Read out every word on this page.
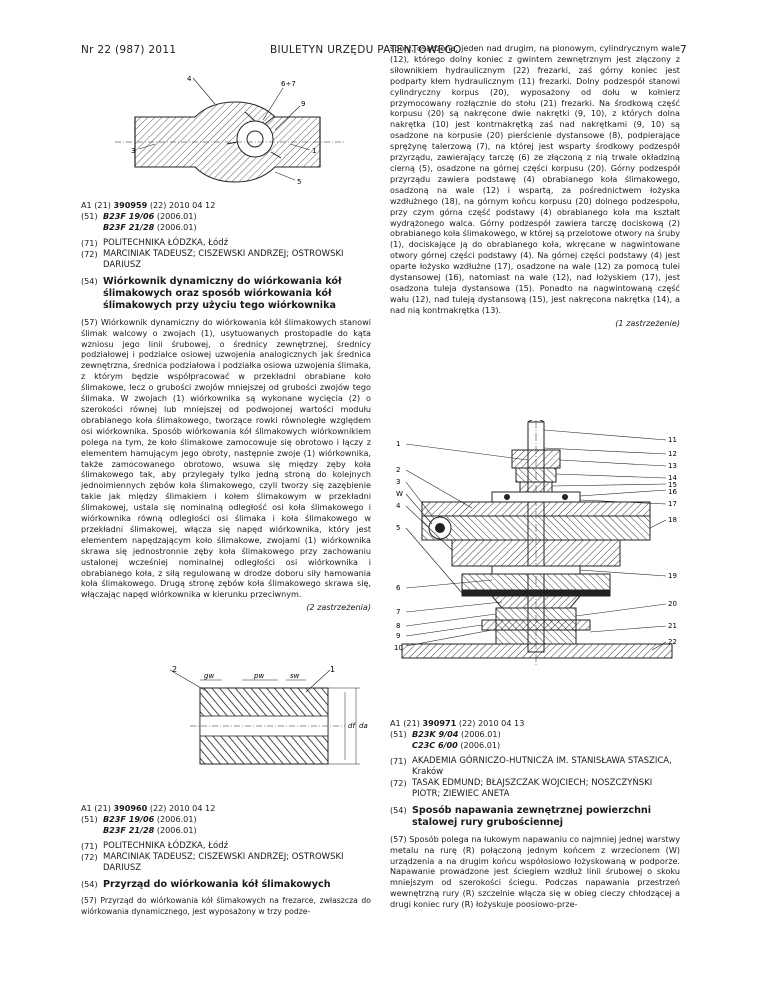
Nr 22 (987) 2011	BIULETYN URZĘDU PATENTOWEGO	7
4
6÷7
9
3	1
5
A1 (21) 390959 (22) 2010 04 12
(51) B23F 19/06 (2006.01)
B23F 21/28 (2006.01)
(71) POLITECHNIKA ŁÓDZKA, Łódź
(72) MARCINIAK TADEUSZ; CISZEWSKI ANDRZEJ; OSTROWSKI DARIUSZ
(54) Wiórkownik dynamiczny do wiórkowania kół ślimakowych oraz sposób wiórkowania kół ślimakowych przy użyciu tego wiórkownika

(57) Wiórkownik dynamiczny do wiórkowania kół ślimakowych stanowi ślimak walcowy o zwojach (1), usytuowanych prostopadle do kąta wzniosu jego linii śrubowej, o średnicy zewnętrznej, średnicy podziałowej i podziałce osiowej uzwojenia analogicznych jak średnica zewnętrzna, średnica podziałowa i podziałka osiowa uzwojenia ślimaka, z którym będzie współpracować w przekładni obrabiane koło ślimakowe, lecz o grubości zwojów mniejszej od grubości zwojów tego ślimaka. W zwojach (1) wiórkownika są wykonane wycięcia (2) o szerokości równej lub mniejszej od podwojonej wartości modułu obrabianego koła ślimakowego, tworzące rowki równoległe względem osi wiórkownika. Sposób wiórkowania kół ślimakowych wiórkownikiem polega na tym, że koło ślimakowe zamocowuje się obrotowo i łączy z elementem hamującym jego obroty, następnie zwoje (1) wiórkownika, także zamocowanego obrotowo, wsuwa się między zęby koła ślimakowego tak, aby przylegały tylko jedną stroną do kolejnych jednoimiennych zębów koła ślimakowego, czyli tworzy się zazębienie takie jak między ślimakiem i kołem ślimakowym w przekładni ślimakowej, ustala się nominalną odległość osi koła ślimakowego i wiórkownika równą odległości osi ślimaka i koła ślimakowego w przekładni ślimakowej, włącza się napęd wiórkownika, który jest elementem napędzającym koło ślimakowe, zwojami (1) wiórkownika skrawa się jednostronnie zęby koła ślimakowego przy zachowaniu ustalonej wcześniej nominalnej odległości osi wiórkownika i obrabianego koła, z siłą regulowaną w drodze doboru siły hamowania koła ślimakowego. Drugą stronę zębów koła ślimakowego skrawa się, włączając napęd wiórkownika w kierunku przeciwnym.

(2 zastrzeżenia)

2	1
gw	pw	sw
df da
A1 (21) 390960 (22) 2010 04 12
(51) B23F 19/06 (2006.01)
B23F 21/28 (2006.01)
(71) POLITECHNIKA ŁÓDZKA, Łódź
(72) MARCINIAK TADEUSZ; CISZEWSKI ANDRZEJ; OSTROWSKI DARIUSZ
(54) Przyrząd do wiórkowania kół ślimakowych

(57) Przyrząd do wiórkowania kół ślimakowych na frezarce, zwłaszcza do wiórkowania dynamicznego, jest wyposażony w trzy podze-

społy, osadzone, jeden nad drugim, na pionowym, cylindrycznym wale (12), którego dolny koniec z gwintem zewnętrznym jest złączony z siłownikiem hydraulicznym (22) frezarki, zaś górny koniec jest podparty kłem hydraulicznym (11) frezarki. Dolny podzespół stanowi cylindryczny korpus (20), wyposażony od dołu w kołnierz przymocowany rozłącznie do stołu (21) frezarki. Na środkową część korpusu (20) są nakręcone dwie nakrętki (9, 10), z których dolna nakrętka (10) jest kontrnakrętką zaś nad nakrętkami (9, 10) są osadzone na korpusie (20) pierścienie dystansowe (8), podpierające sprężynę talerzową (7), na której jest wsparty środkowy podzespół przyrządu, zawierający tarczę (6) ze złączoną z nią trwale okładziną cierną (5), osadzone na górnej części korpusu (20). Górny podzespół przyrządu zawiera podstawę (4) obrabianego koła ślimakowego, osadzoną na wale (12) i wspartą, za pośrednictwem łożyska wzdłużnego (18), na górnym końcu korpusu (20) dolnego podzespołu, przy czym górna część podstawy (4) obrabianego koła ma kształt wydrążonego walca. Górny podzespół zawiera tarczę dociskową (2) obrabianego koła ślimakowego, w której są przelotowe otwory na śruby (1), dociskające ją do obrabianego koła, wkręcane w nagwintowane otwory górnej części podstawy (4). Na górnej części podstawy (4) jest oparte łożysko wzdłużne (17), osadzone na wale (12) za pomocą tulei dystansowej (16), natomiast na wale (12), nad łożyskiem (17), jest osadzona tuleja dystansowa (15). Ponadto na nagwintowaną część wału (12), nad tuleją dystansową (15), jest nakręcona nakrętka (14), a nad nią kontrnakrętka (13).

(1 zastrzeżenie)

1
2
3
W
4
5
6
7
8
9
10
11
12
13
14
15
16
17
18
19
20
21
22
A1 (21) 390971 (22) 2010 04 13
(51) B23K 9/04 (2006.01)
C23C 6/00 (2006.01)
(71) AKADEMIA GÓRNICZO-HUTNICZA IM. STANISŁAWA STASZICA, Kraków
(72) TASAK EDMUND; BŁAJSZCZAK WOJCIECH; NOSZCZYŃSKI PIOTR; ZIEWIEC ANETA
(54) Sposób napawania zewnętrznej powierzchni stalowej rury grubościennej

(57) Sposób polega na łukowym napawaniu co najmniej jednej warstwy metalu na rurę (R) połączoną jednym końcem z wrzecionem (W) urządzenia a na drugim końcu współosiowo łożyskowaną w podporze. Napawanie prowadzone jest ściegiem wzdłuż linii śrubowej o skoku mniejszym od szerokości ściegu. Podczas napawania przestrzeń wewnętrzną rury (R) szczelnie włącza się w obieg cieczy chłodzącej a drugi koniec rury (R) łożyskuje poosiowo-prze-
